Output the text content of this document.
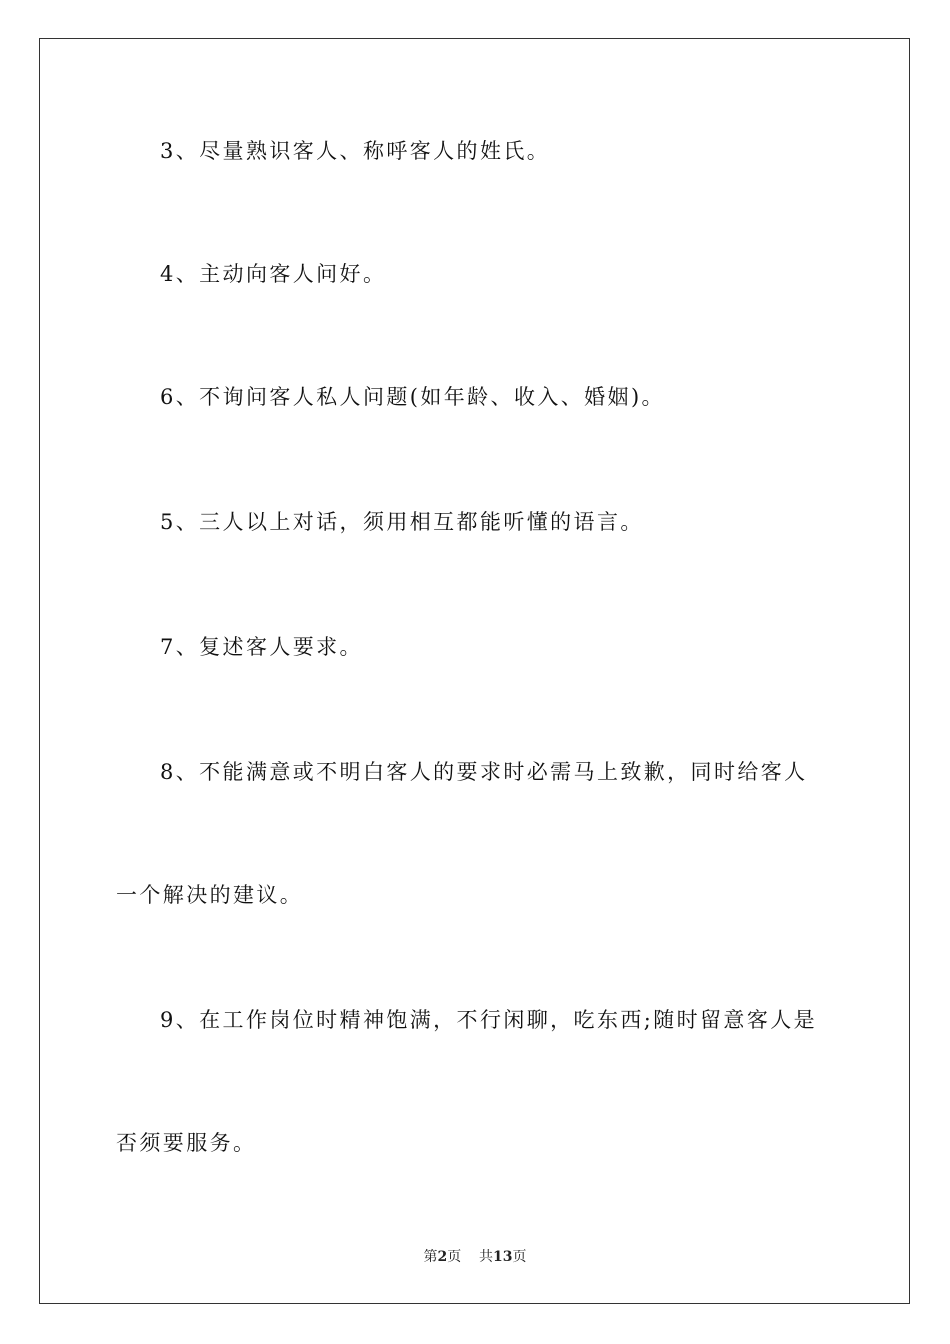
3、尽量熟识客人、称呼客人的姓氏。
4、主动向客人问好。
6、不询问客人私人问题(如年龄、收入、婚姻)。
5、三人以上对话，须用相互都能听懂的语言。
7、复述客人要求。
8、不能满意或不明白客人的要求时必需马上致歉，同时给客人
一个解决的建议。
9、在工作岗位时精神饱满，不行闲聊，吃东西;随时留意客人是
否须要服务。
第2页 共13页
